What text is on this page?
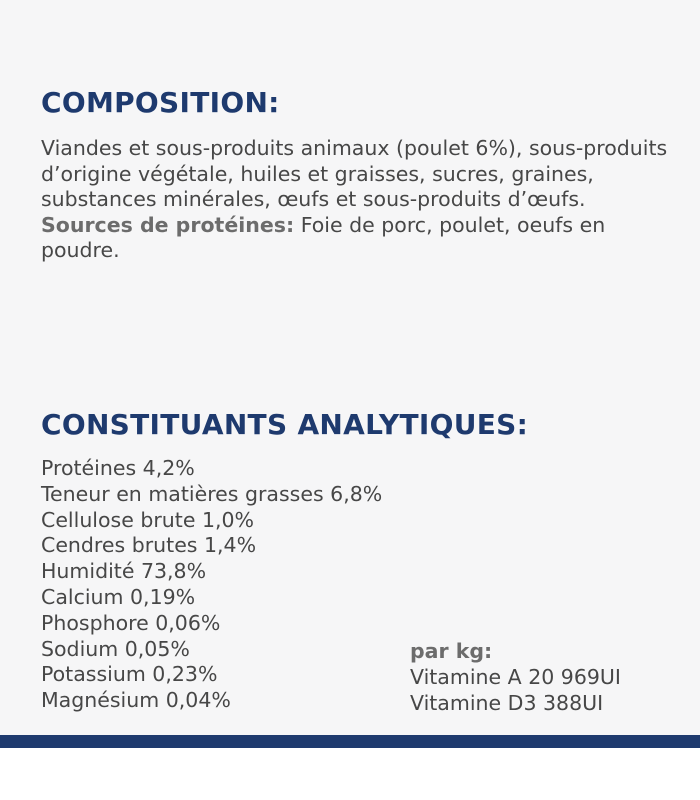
COMPOSITION:

Viandes et sous-produits animaux (poulet 6%), sous-produits d’origine végétale, huiles et graisses, sucres, graines, substances minérales, œufs et sous-produits d’œufs.
Sources de protéines: Foie de porc, poulet, oeufs en poudre.

CONSTITUANTS ANALYTIQUES:
Protéines 4,2%
Teneur en matières grasses 6,8%
Cellulose brute 1,0%
Cendres brutes 1,4%
Humidité 73,8%
Calcium 0,19%
Phosphore 0,06%
Sodium 0,05%
Potassium 0,23%
Magnésium 0,04%
par kg:
Vitamine A 20 969UI
Vitamine D3 388UI
